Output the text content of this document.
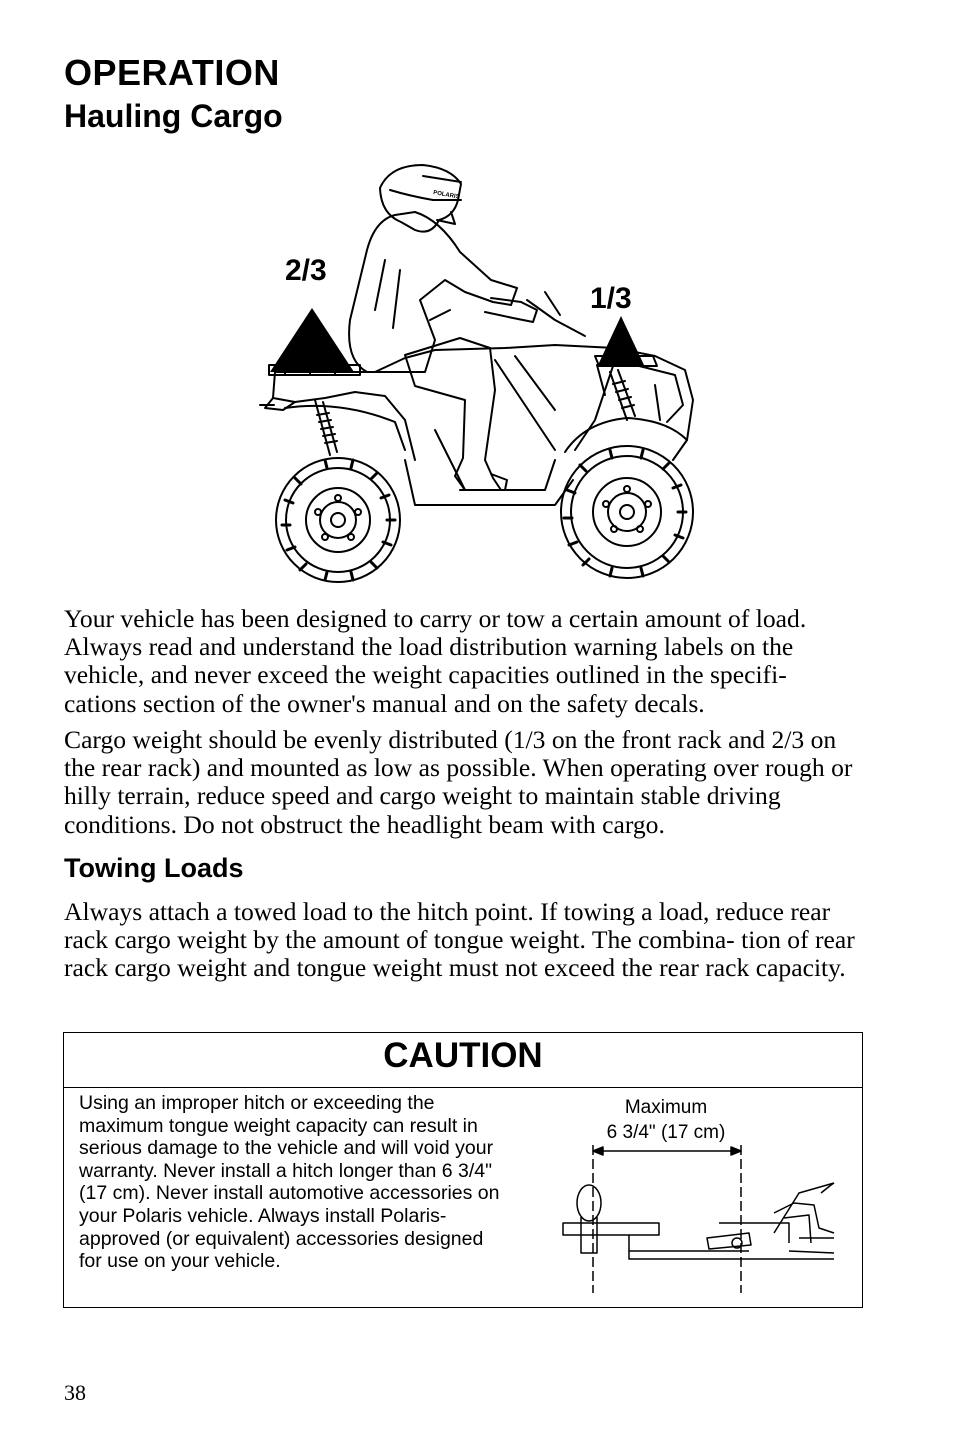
OPERATION
Hauling Cargo
2/3
1/3
POLARIS

Your vehicle has been designed to carry or tow a certain amount of load. Always read and understand the load distribution warning labels on the vehicle, and never exceed the weight capacities outlined in the specifi- cations section of the owner's manual and on the safety decals.

Cargo weight should be evenly distributed (1/3 on the front rack and 2/3 on the rear rack) and mounted as low as possible. When operating over rough or hilly terrain, reduce speed and cargo weight to maintain stable driving conditions. Do not obstruct the headlight beam with cargo.

Towing Loads

Always attach a towed load to the hitch point. If towing a load, reduce rear rack cargo weight by the amount of tongue weight. The combina- tion of rear rack cargo weight and tongue weight must not exceed the rear rack capacity.

CAUTION

Using an improper hitch or exceeding the maximum tongue weight capacity can result in serious damage to the vehicle and will void your warranty. Never install a hitch longer than 6 3/4" (17 cm). Never install automotive accessories on your Polaris vehicle. Always install Polaris-approved (or equivalent) accessories designed for use on your vehicle.

Maximum
6 3/4" (17 cm)

38
